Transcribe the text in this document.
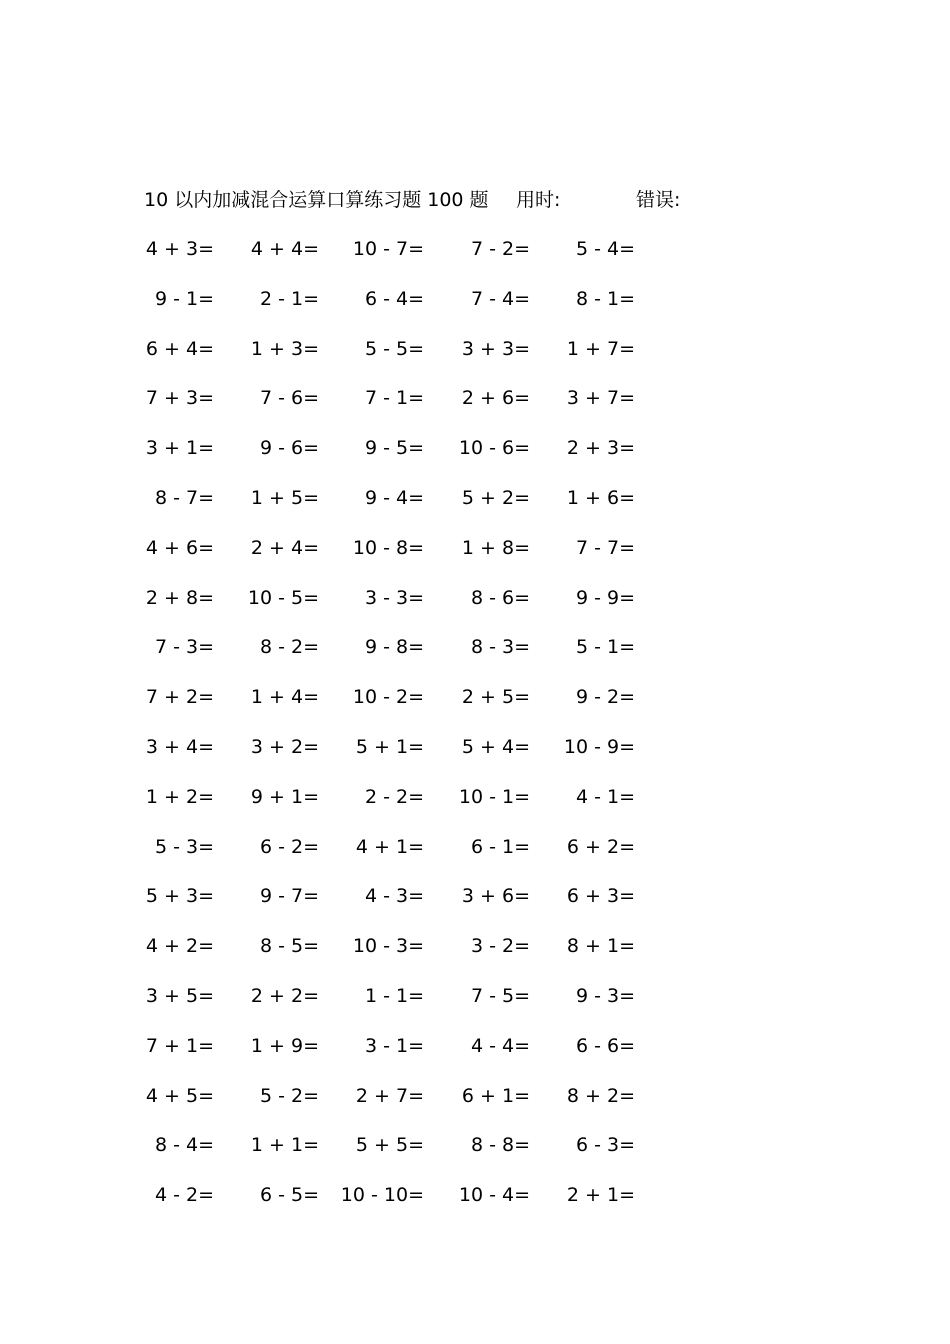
10 以内加减混合运算口算练习题 100 题 用时:	错误:
4 + 3= 4 + 4= 10 - 7= 7 - 2= 5 - 4=
9 - 1= 2 - 1= 6 - 4= 7 - 4= 8 - 1=
6 + 4= 1 + 3= 5 - 5= 3 + 3= 1 + 7=
7 + 3= 7 - 6= 7 - 1= 2 + 6= 3 + 7=
3 + 1= 9 - 6= 9 - 5= 10 - 6= 2 + 3=
8 - 7= 1 + 5= 9 - 4= 5 + 2= 1 + 6=
4 + 6= 2 + 4= 10 - 8= 1 + 8= 7 - 7=
2 + 8= 10 - 5= 3 - 3= 8 - 6= 9 - 9=
7 - 3= 8 - 2= 9 - 8= 8 - 3= 5 - 1=
7 + 2= 1 + 4= 10 - 2= 2 + 5= 9 - 2=
3 + 4= 3 + 2= 5 + 1= 5 + 4= 10 - 9=
1 + 2= 9 + 1= 2 - 2= 10 - 1= 4 - 1=
5 - 3= 6 - 2= 4 + 1= 6 - 1= 6 + 2=
5 + 3= 9 - 7= 4 - 3= 3 + 6= 6 + 3=
4 + 2= 8 - 5= 10 - 3= 3 - 2= 8 + 1=
3 + 5= 2 + 2= 1 - 1= 7 - 5= 9 - 3=
7 + 1= 1 + 9= 3 - 1= 4 - 4= 6 - 6=
4 + 5= 5 - 2= 2 + 7= 6 + 1= 8 + 2=
8 - 4= 1 + 1= 5 + 5= 8 - 8= 6 - 3=
4 - 2= 6 - 5= 10 - 10= 10 - 4= 2 + 1=
